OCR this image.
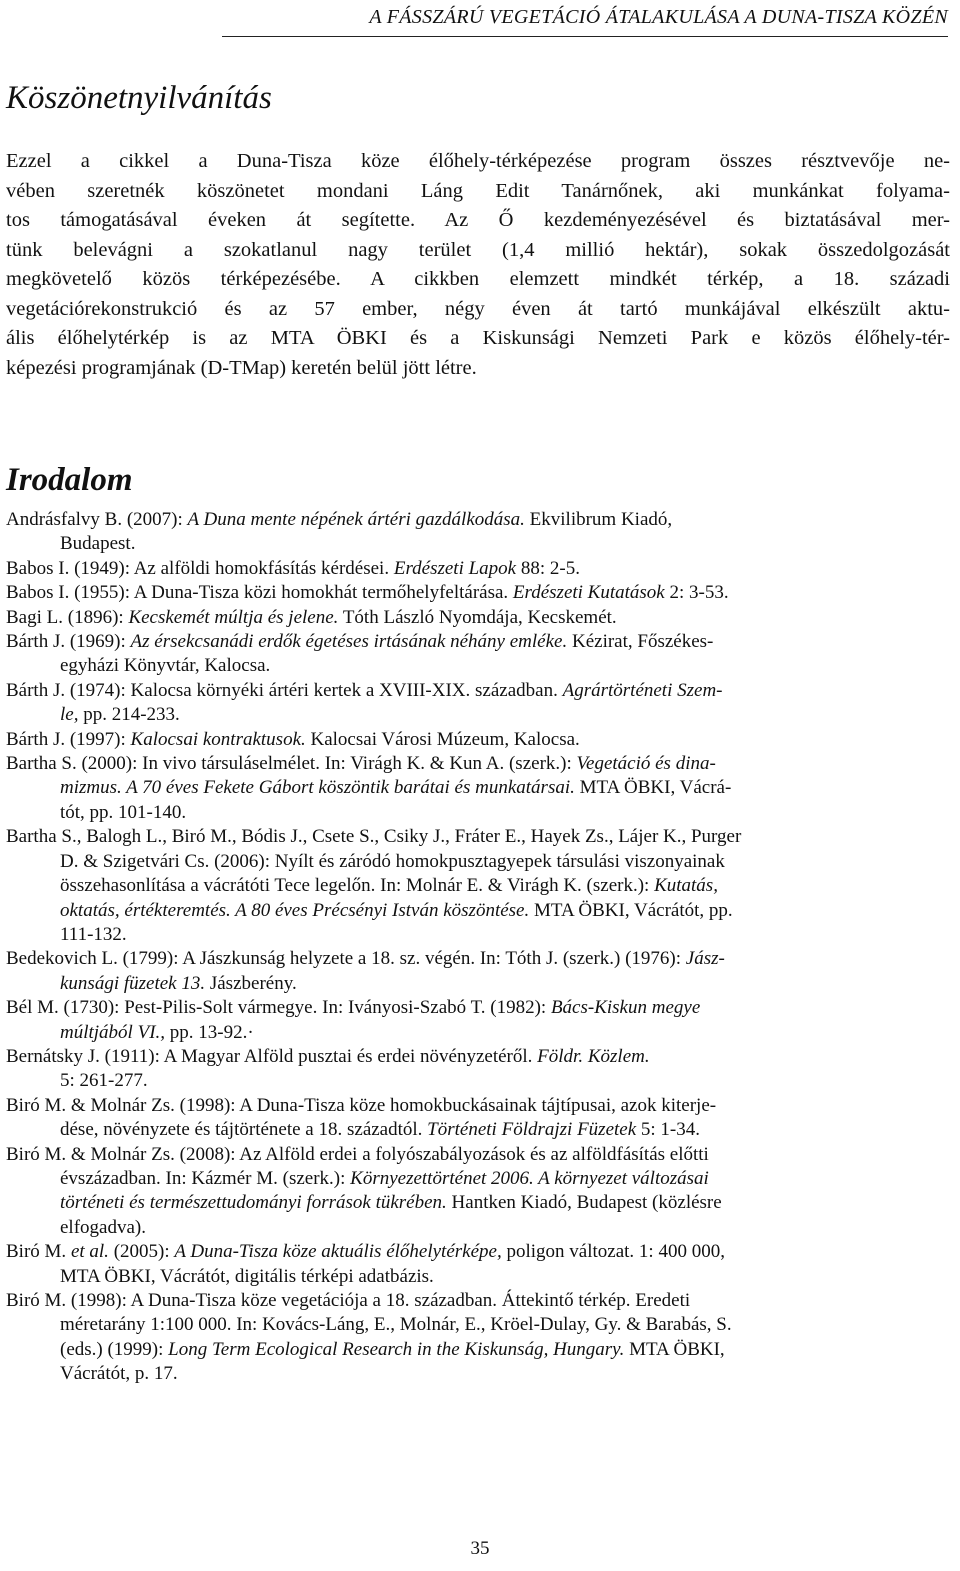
A FÁSSZÁRÚ VEGETÁCIÓ ÁTALAKULÁSA A DUNA-TISZA KÖZÉN
Köszönetnyilvánítás
Ezzel a cikkel a Duna-Tisza köze élőhely-térképezése program összes résztvevője ne-
vében szeretnék köszönetet mondani Láng Edit Tanárnőnek, aki munkánkat folyama-
tos támogatásával éveken át segítette. Az Ő kezdeményezésével és biztatásával mer-
tünk belevágni a szokatlanul nagy terület (1,4 millió hektár), sokak összedolgozását
megkövetelő közös térképezésébe. A cikkben elemzett mindkét térkép, a 18. századi
vegetációrekonstrukció és az 57 ember, négy éven át tartó munkájával elkészült aktu-
ális élőhelytérkép is az MTA ÖBKI és a Kiskunsági Nemzeti Park e közös élőhely-tér-
képezési programjának (D-TMap) keretén belül jött létre.
Irodalom
Andrásfalvy B. (2007): A Duna mente népének ártéri gazdálkodása. Ekvilibrum Kiadó,
Budapest.
Babos I. (1949): Az alföldi homokfásítás kérdései. Erdészeti Lapok 88: 2-5.
Babos I. (1955): A Duna-Tisza közi homokhát termőhelyfeltárása. Erdészeti Kutatások 2: 3-53.
Bagi L. (1896): Kecskemét múltja és jelene. Tóth László Nyomdája, Kecskemét.
Bárth J. (1969): Az érsekcsanádi erdők égetéses irtásának néhány emléke. Kézirat, Főszékes-
egyházi Könyvtár, Kalocsa.
Bárth J. (1974): Kalocsa környéki ártéri kertek a XVIII-XIX. században. Agrártörténeti Szem-
le, pp. 214-233.
Bárth J. (1997): Kalocsai kontraktusok. Kalocsai Városi Múzeum, Kalocsa.
Bartha S. (2000): In vivo társuláselmélet. In: Virágh K. & Kun A. (szerk.): Vegetáció és dina-
mizmus. A 70 éves Fekete Gábort köszöntik barátai és munkatársai. MTA ÖBKI, Vácrá-
tót, pp. 101-140.
Bartha S., Balogh L., Biró M., Bódis J., Csete S., Csiky J., Fráter E., Hayek Zs., Lájer K., Purger
D. & Szigetvári Cs. (2006): Nyílt és záródó homokpusztagyepek társulási viszonyainak
összehasonlítása a vácrátóti Tece legelőn. In: Molnár E. & Virágh K. (szerk.): Kutatás,
oktatás, értékteremtés. A 80 éves Précsényi István köszöntése. MTA ÖBKI, Vácrátót, pp.
111-132.
Bedekovich L. (1799): A Jászkunság helyzete a 18. sz. végén. In: Tóth J. (szerk.) (1976): Jász-
kunsági füzetek 13. Jászberény.
Bél M. (1730): Pest-Pilis-Solt vármegye. In: Iványosi-Szabó T. (1982): Bács-Kiskun megye
múltjából VI., pp. 13-92.·
Bernátsky J. (1911): A Magyar Alföld pusztai és erdei növényzetéről. Földr. Közlem.
5: 261-277.
Biró M. & Molnár Zs. (1998): A Duna-Tisza köze homokbuckásainak tájtípusai, azok kiterje-
dése, növényzete és tájtörténete a 18. századtól. Történeti Földrajzi Füzetek 5: 1-34.
Biró M. & Molnár Zs. (2008): Az Alföld erdei a folyószabályozások és az alföldfásítás előtti
évszázadban. In: Kázmér M. (szerk.): Környezettörténet 2006. A környezet változásai
történeti és természettudományi források tükrében. Hantken Kiadó, Budapest (közlésre
elfogadva).
Biró M. et al. (2005): A Duna-Tisza köze aktuális élőhelytérképe, poligon változat. 1: 400 000,
MTA ÖBKI, Vácrátót, digitális térképi adatbázis.
Biró M. (1998): A Duna-Tisza köze vegetációja a 18. században. Áttekintő térkép. Eredeti
méretarány 1:100 000. In: Kovács-Láng, E., Molnár, E., Kröel-Dulay, Gy. & Barabás, S.
(eds.) (1999): Long Term Ecological Research in the Kiskunság, Hungary. MTA ÖBKI,
Vácrátót, p. 17.
35
